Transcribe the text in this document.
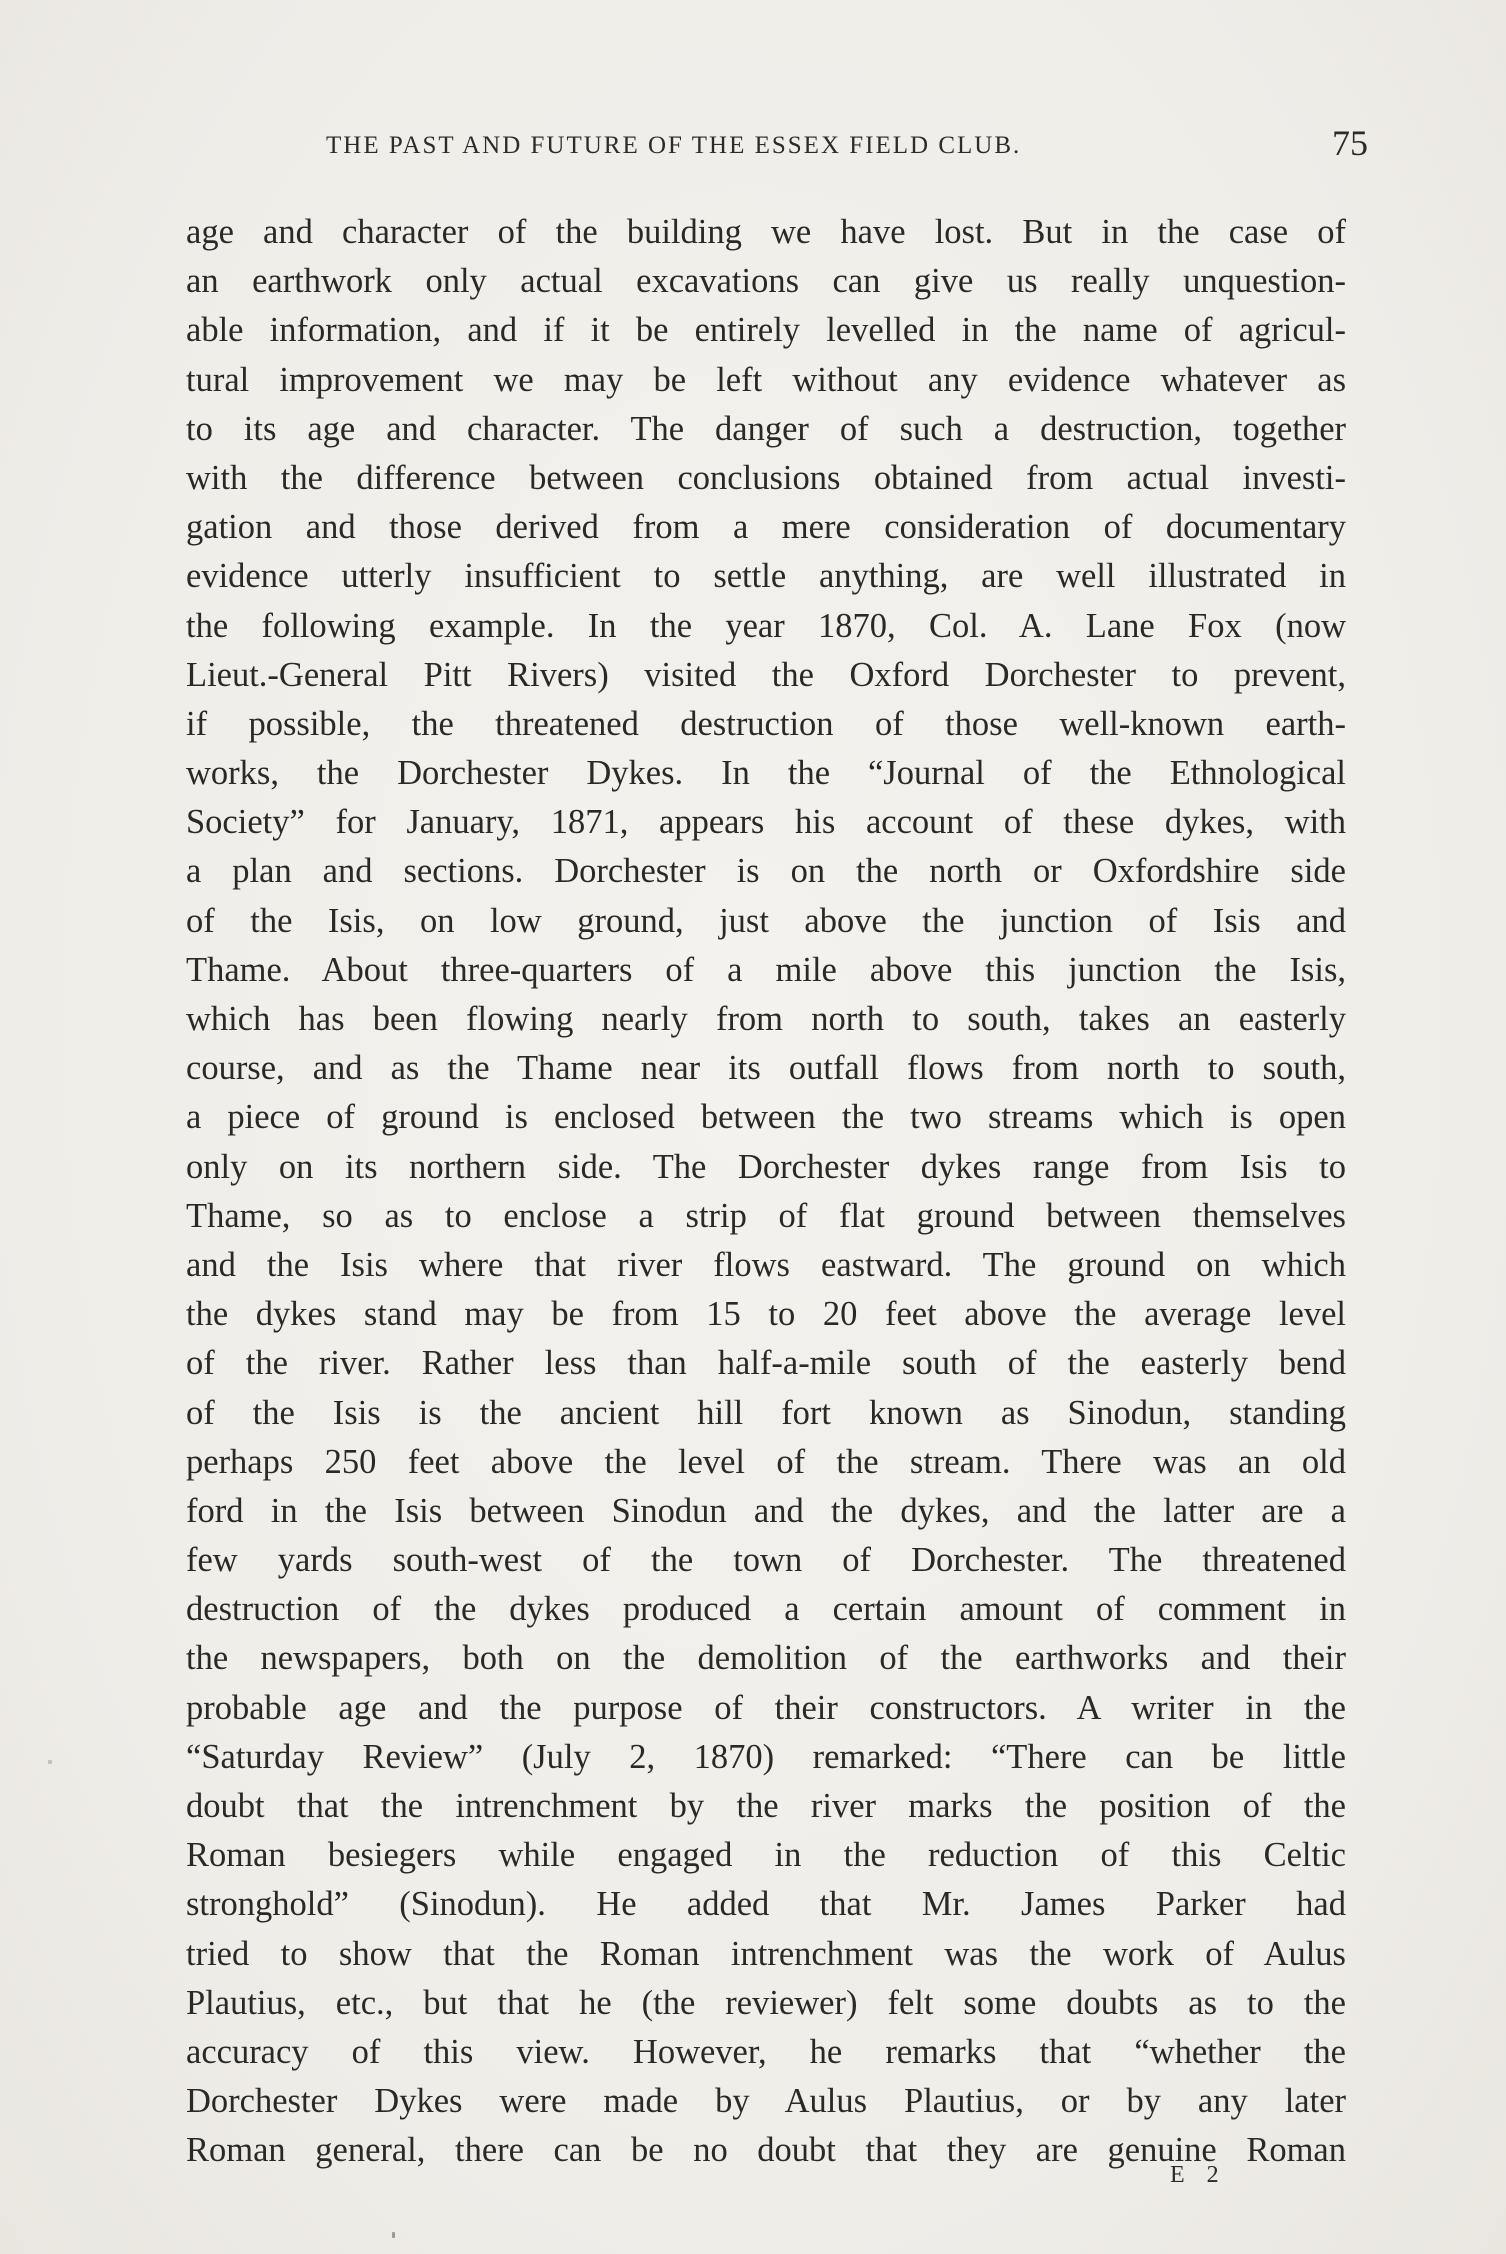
THE PAST AND FUTURE OF THE ESSEX FIELD CLUB.	75
age and character of the building we have lost. But in the case of
an earthwork only actual excavations can give us really unquestion-
able information, and if it be entirely levelled in the name of agricul-
tural improvement we may be left without any evidence whatever as
to its age and character. The danger of such a destruction, together
with the difference between conclusions obtained from actual investi-
gation and those derived from a mere consideration of documentary
evidence utterly insufficient to settle anything, are well illustrated in
the following example. In the year 1870, Col. A. Lane Fox (now
Lieut.-General Pitt Rivers) visited the Oxford Dorchester to prevent,
if possible, the threatened destruction of those well-known earth-
works, the Dorchester Dykes. In the “Journal of the Ethnological
Society” for January, 1871, appears his account of these dykes, with
a plan and sections. Dorchester is on the north or Oxfordshire side
of the Isis, on low ground, just above the junction of Isis and
Thame. About three-quarters of a mile above this junction the Isis,
which has been flowing nearly from north to south, takes an easterly
course, and as the Thame near its outfall flows from north to south,
a piece of ground is enclosed between the two streams which is open
only on its northern side. The Dorchester dykes range from Isis to
Thame, so as to enclose a strip of flat ground between themselves
and the Isis where that river flows eastward. The ground on which
the dykes stand may be from 15 to 20 feet above the average level
of the river. Rather less than half-a-mile south of the easterly bend
of the Isis is the ancient hill fort known as Sinodun, standing
perhaps 250 feet above the level of the stream. There was an old
ford in the Isis between Sinodun and the dykes, and the latter are a
few yards south-west of the town of Dorchester. The threatened
destruction of the dykes produced a certain amount of comment in
the newspapers, both on the demolition of the earthworks and their
probable age and the purpose of their constructors. A writer in the
“Saturday Review” (July 2, 1870) remarked: “There can be little
doubt that the intrenchment by the river marks the position of the
Roman besiegers while engaged in the reduction of this Celtic
stronghold” (Sinodun). He added that Mr. James Parker had
tried to show that the Roman intrenchment was the work of Aulus
Plautius, etc., but that he (the reviewer) felt some doubts as to the
accuracy of this view. However, he remarks that “whether the
Dorchester Dykes were made by Aulus Plautius, or by any later
Roman general, there can be no doubt that they are genuine Roman
E 2
